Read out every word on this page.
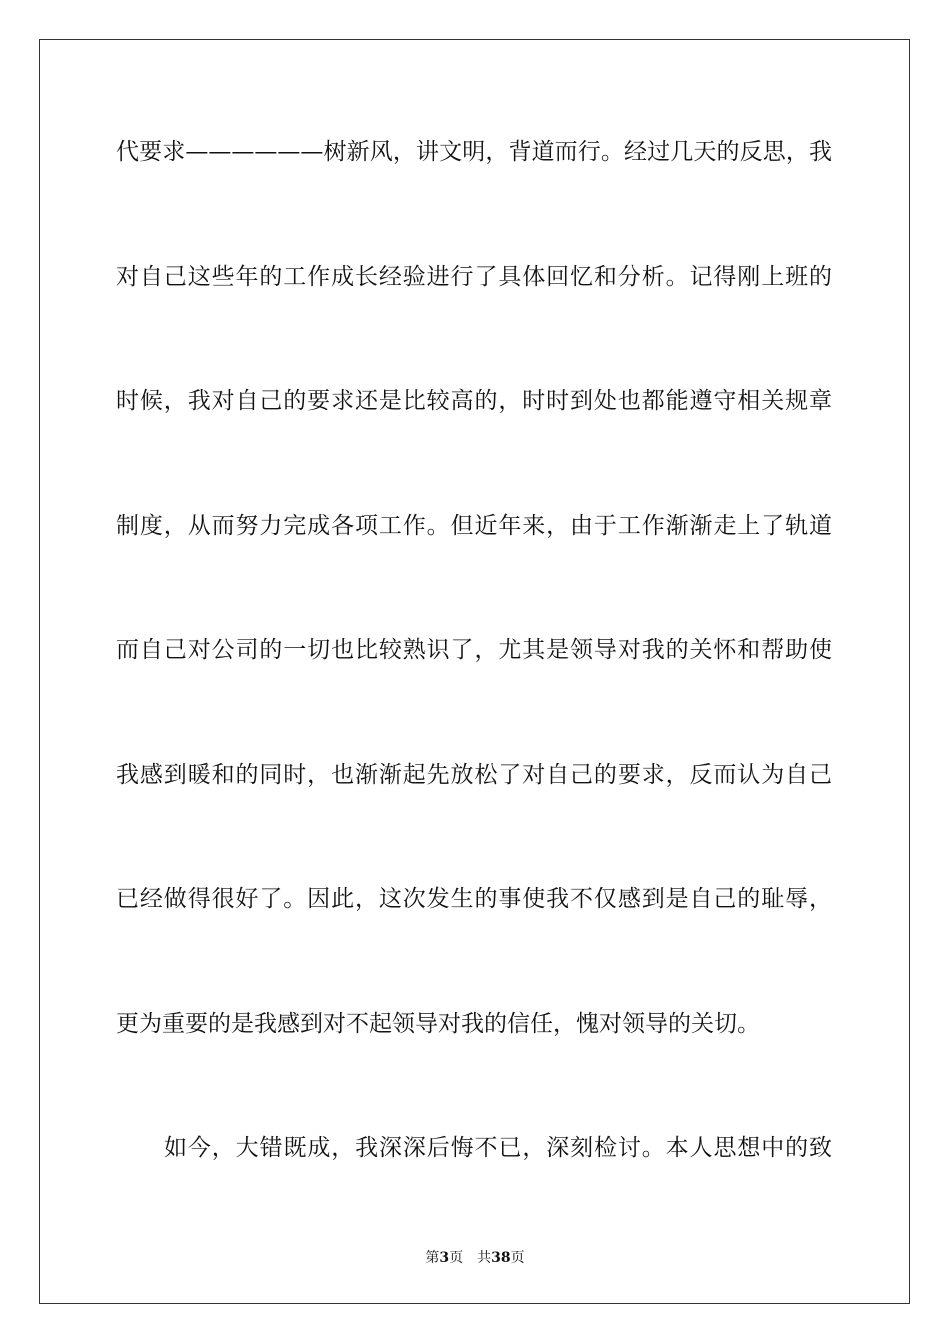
代要求——————树新风，讲文明，背道而行。经过几天的反思，我
对自己这些年的工作成长经验进行了具体回忆和分析。记得刚上班的
时候，我对自己的要求还是比较高的，时时到处也都能遵守相关规章
制度，从而努力完成各项工作。但近年来，由于工作渐渐走上了轨道
而自己对公司的一切也比较熟识了，尤其是领导对我的关怀和帮助使
我感到暖和的同时，也渐渐起先放松了对自己的要求，反而认为自己
已经做得很好了。因此，这次发生的事使我不仅感到是自己的耻辱，
更为重要的是我感到对不起领导对我的信任，愧对领导的关切。
如今，大错既成，我深深后悔不已，深刻检讨。本人思想中的致
第3页 共38页
